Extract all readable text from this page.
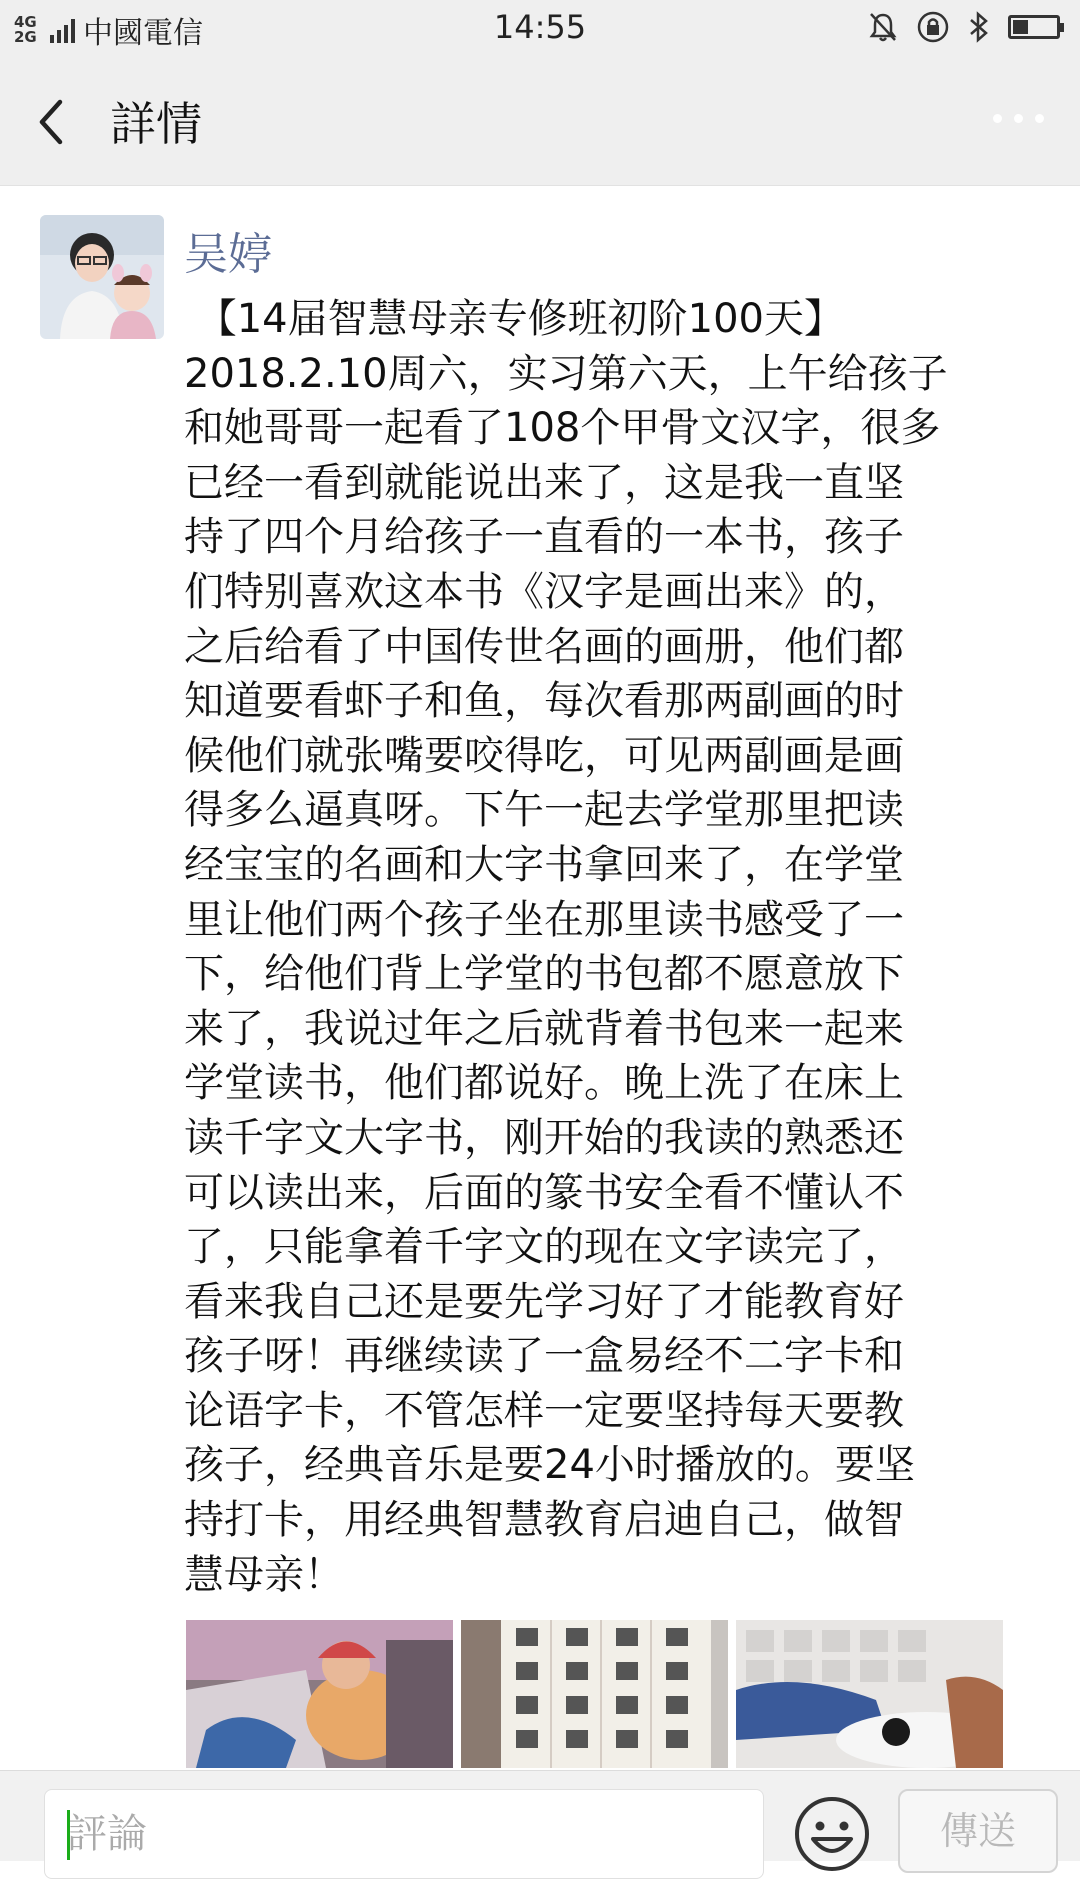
4G 2G 中國電信	14:55
詳情
吴婷

【14届智慧母亲专修班初阶100天】
2018.2.10周六，实习第六天，上午给孩子
和她哥哥一起看了108个甲骨文汉字，很多
已经一看到就能说出来了，这是我一直坚
持了四个月给孩子一直看的一本书，孩子
们特别喜欢这本书《汉字是画出来》的，
之后给看了中国传世名画的画册，他们都
知道要看虾子和鱼，每次看那两副画的时
候他们就张嘴要咬得吃，可见两副画是画
得多么逼真呀。下午一起去学堂那里把读
经宝宝的名画和大字书拿回来了，在学堂
里让他们两个孩子坐在那里读书感受了一
下，给他们背上学堂的书包都不愿意放下
来了，我说过年之后就背着书包来一起来
学堂读书，他们都说好。晚上洗了在床上
读千字文大字书，刚开始的我读的熟悉还
可以读出来，后面的篆书安全看不懂认不
了，只能拿着千字文的现在文字读完了，
看来我自己还是要先学习好了才能教育好
孩子呀！再继续读了一盒易经不二字卡和
论语字卡，不管怎样一定要坚持每天要教
孩子，经典音乐是要24小时播放的。要坚
持打卡，用经典智慧教育启迪自己，做智
慧母亲！

評論
傳送
